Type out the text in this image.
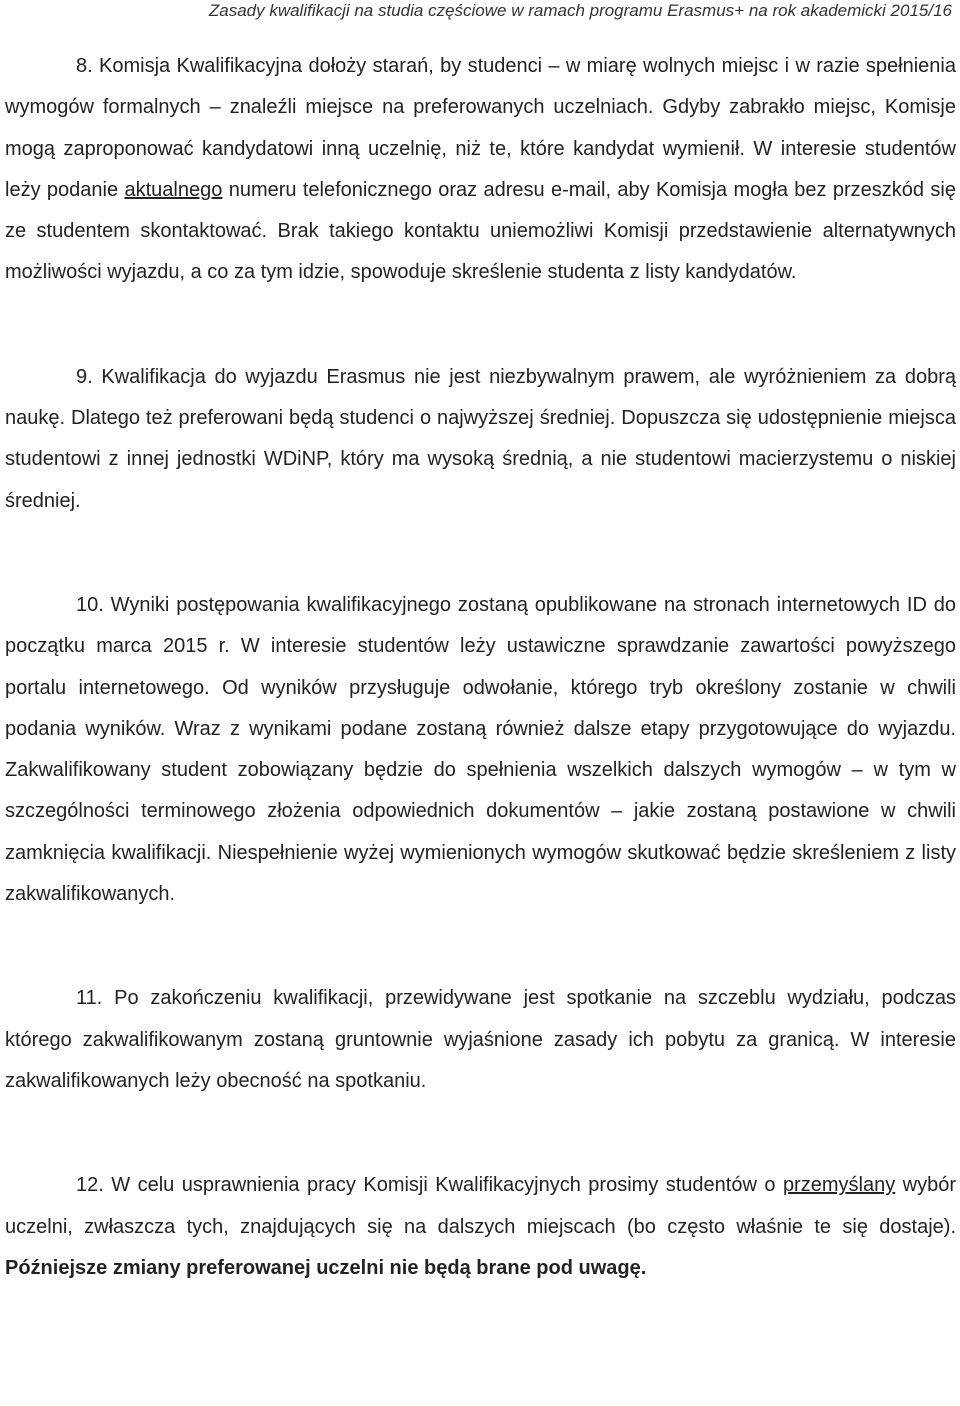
Zasady kwalifikacji na studia częściowe w ramach programu Erasmus+ na rok akademicki 2015/16

8. Komisja Kwalifikacyjna dołoży starań, by studenci – w miarę wolnych miejsc i w razie spełnienia wymogów formalnych – znaleźli miejsce na preferowanych uczelniach. Gdyby zabrakło miejsc, Komisje mogą zaproponować kandydatowi inną uczelnię, niż te, które kandydat wymienił. W interesie studentów leży podanie aktualnego numeru telefonicznego oraz adresu e-mail, aby Komisja mogła bez przeszkód się ze studentem skontaktować. Brak takiego kontaktu uniemożliwi Komisji przedstawienie alternatywnych możliwości wyjazdu, a co za tym idzie, spowoduje skreślenie studenta z listy kandydatów.

9. Kwalifikacja do wyjazdu Erasmus nie jest niezbywalnym prawem, ale wyróżnieniem za dobrą naukę. Dlatego też preferowani będą studenci o najwyższej średniej. Dopuszcza się udostępnienie miejsca studentowi z innej jednostki WDiNP, który ma wysoką średnią, a nie studentowi macierzystemu o niskiej średniej.

10. Wyniki postępowania kwalifikacyjnego zostaną opublikowane na stronach internetowych ID do początku marca 2015 r. W interesie studentów leży ustawiczne sprawdzanie zawartości powyższego portalu internetowego. Od wyników przysługuje odwołanie, którego tryb określony zostanie w chwili podania wyników. Wraz z wynikami podane zostaną również dalsze etapy przygotowujące do wyjazdu. Zakwalifikowany student zobowiązany będzie do spełnienia wszelkich dalszych wymogów – w tym w szczególności terminowego złożenia odpowiednich dokumentów – jakie zostaną postawione w chwili zamknięcia kwalifikacji. Niespełnienie wyżej wymienionych wymogów skutkować będzie skreśleniem z listy zakwalifikowanych.

11. Po zakończeniu kwalifikacji, przewidywane jest spotkanie na szczeblu wydziału, podczas którego zakwalifikowanym zostaną gruntownie wyjaśnione zasady ich pobytu za granicą. W interesie zakwalifikowanych leży obecność na spotkaniu.

12. W celu usprawnienia pracy Komisji Kwalifikacyjnych prosimy studentów o przemyślany wybór uczelni, zwłaszcza tych, znajdujących się na dalszych miejscach (bo często właśnie te się dostaje). Późniejsze zmiany preferowanej uczelni nie będą brane pod uwagę.
